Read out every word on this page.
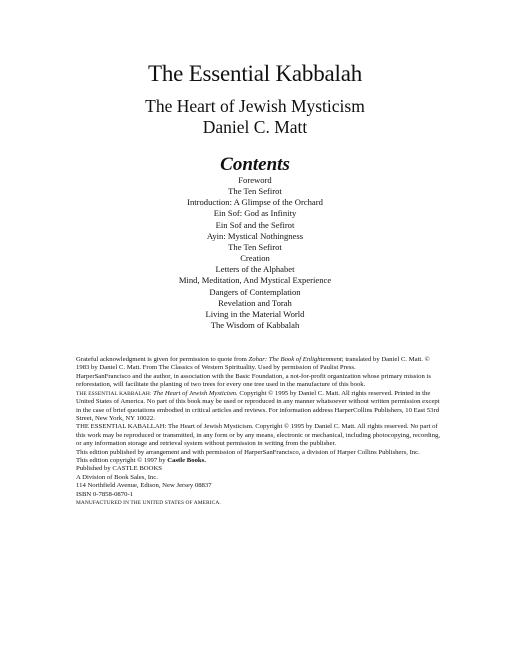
The Essential Kabbalah
The Heart of Jewish Mysticism
Daniel C. Matt
Contents
Foreword
The Ten Sefirot
Introduction: A Glimpse of the Orchard
Ein Sof: God as Infinity
Ein Sof and the Sefirot
Ayin: Mystical Nothingness
The Ten Sefirot
Creation
Letters of the Alphabet
Mind, Meditation, And Mystical Experience
Dangers of Contemplation
Revelation and Torah
Living in the Material World
The Wisdom of Kabbalah

Grateful acknowledgment is given for permission to quote from Zohar: The Book of Enlightenment; translated by Daniel C. Matt. © 1983 by Daniel C. Matt. From The Classics of Western Spirituality. Used by permission of Paulist Press.

HarperSanFrancisco and the author, in association with the Basic Foundation, a not-for-profit organization whose primary mission is reforestation, will facilitate the planting of two trees for every one tree used in the manufacture of this book.

THE ESSENTIAL KABBALAH: The Heart of Jewish Mysticism. Copyright © 1995 by Daniel C. Matt. All rights reserved. Printed in the United States of America. No part of this book may be used or reproduced in any manner whatsoever without written permission except in the case of brief quotations embodied in critical articles and reviews. For information address HarperCollins Publishers, 10 East 53rd Street, New York, NY 10022.

THE ESSENTIAL KABALLAH: The Heart of Jewish Mysticism. Copyright © 1995 by Daniel C. Matt. All rights reserved. No part of this work may be reproduced or transmitted, in any form or by any means, electronic or mechanical, including photocopying, recording, or any information storage and retrieval system without permission in writing from the publisher.

This edition published by arrangement and with permission of HarperSanFrancisco, a division of Harper Collins Publishers, Inc.

This edition copyright © 1997 by Castle Books.

Published by CASTLE BOOKS

A Division of Book Sales, Inc.

114 Northfield Avenue, Edison, New Jersey 08837

ISBN 0-7858-0870-1

MANUFACTURED IN THE UNITED STATES OF AMERICA.
